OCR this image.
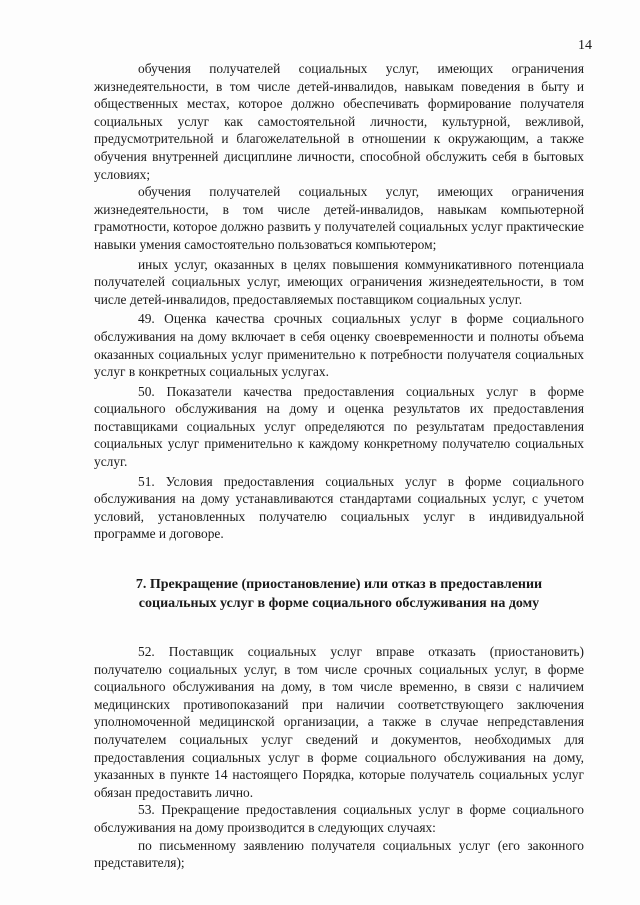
14

обучения получателей социальных услуг, имеющих ограничения жизнедеятельности, в том числе детей-инвалидов, навыкам поведения в быту и общественных местах, которое должно обеспечивать формирование получателя социальных услуг как самостоятельной личности, культурной, вежливой, предусмотрительной и благожелательной в отношении к окружающим, а также обучения внутренней дисциплине личности, способной обслужить себя в бытовых условиях;

обучения получателей социальных услуг, имеющих ограничения жизнедеятельности, в том числе детей-инвалидов, навыкам компьютерной грамотности, которое должно развить у получателей социальных услуг практические навыки умения самостоятельно пользоваться компьютером;

иных услуг, оказанных в целях повышения коммуникативного потенциала получателей социальных услуг, имеющих ограничения жизнедеятельности, в том числе детей-инвалидов, предоставляемых поставщиком социальных услуг.

49. Оценка качества срочных социальных услуг в форме социального обслуживания на дому включает в себя оценку своевременности и полноты объема оказанных социальных услуг применительно к потребности получателя социальных услуг в конкретных социальных услугах.

50. Показатели качества предоставления социальных услуг в форме социального обслуживания на дому и оценка результатов их предоставления поставщиками социальных услуг определяются по результатам предоставления социальных услуг применительно к каждому конкретному получателю социальных услуг.

51. Условия предоставления социальных услуг в форме социального обслуживания на дому устанавливаются стандартами социальных услуг, с учетом условий, установленных получателю социальных услуг в индивидуальной программе и договоре.

7. Прекращение (приостановление) или отказ в предоставлении
социальных услуг в форме социального обслуживания на дому

52. Поставщик социальных услуг вправе отказать (приостановить) получателю социальных услуг, в том числе срочных социальных услуг, в форме социального обслуживания на дому, в том числе временно, в связи с наличием медицинских противопоказаний при наличии соответствующего заключения уполномоченной медицинской организации, а также в случае непредставления получателем социальных услуг сведений и документов, необходимых для предоставления социальных услуг в форме социального обслуживания на дому, указанных в пункте 14 настоящего Порядка, которые получатель социальных услуг обязан предоставить лично.

53. Прекращение предоставления социальных услуг в форме социального обслуживания на дому производится в следующих случаях:

по письменному заявлению получателя социальных услуг (его законного представителя);
